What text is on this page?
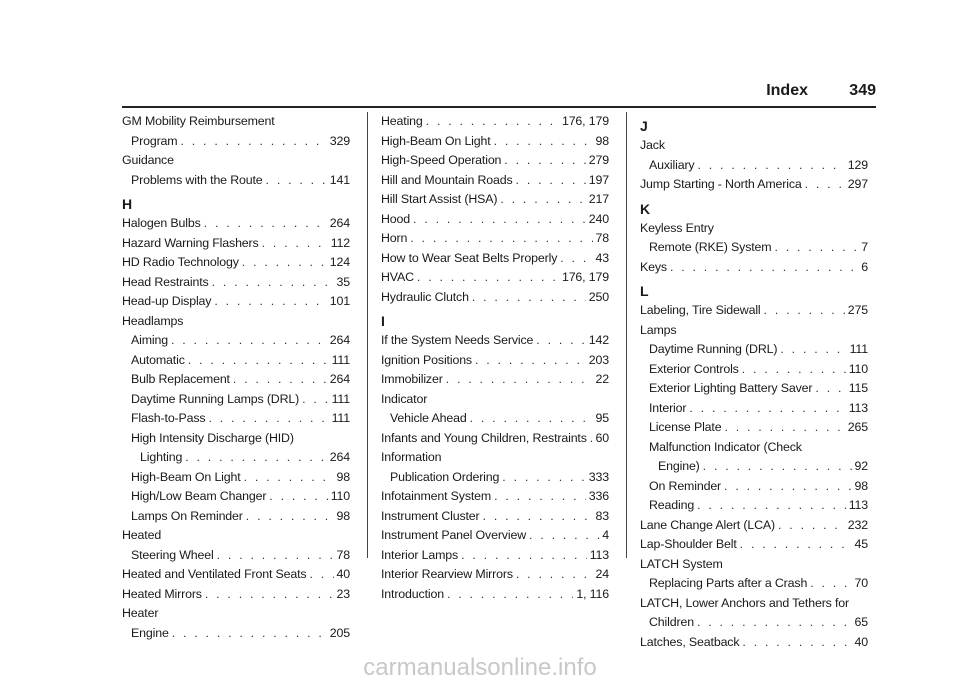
Index	349
GM Mobility Reimbursement
Program . . .	329
Guidance
Problems with the Route . . .	141
H
Halogen Bulbs . . .	264
Hazard Warning Flashers . . .	112
HD Radio Technology . . .	124
Head Restraints . . .	35
Head-up Display . . .	101
Headlamps
Aiming . . .	264
Automatic . . .	111
Bulb Replacement . . .	264
Daytime Running Lamps (DRL) . . .	111
Flash-to-Pass . . .	111
High Intensity Discharge (HID)
Lighting . . .	264
High-Beam On Light . . .	98
High/Low Beam Changer . . .	110
Lamps On Reminder . . .	98
Heated
Steering Wheel . . .	78
Heated and Ventilated Front Seats . . . 40
Heated Mirrors . . .	23
Heater
Engine . . .	205
Heating . . .	176, 179
High-Beam On Light . . .	98
High-Speed Operation . . .	279
Hill and Mountain Roads . . .	197
Hill Start Assist (HSA) . . .	217
Hood . . .	240
Horn . . .	78
How to Wear Seat Belts Properly . . .	43
HVAC . . .	176, 179
Hydraulic Clutch . . .	250
I
If the System Needs Service . . .	142
Ignition Positions . . .	203
Immobilizer . . .	22
Indicator
Vehicle Ahead . . .	95
Infants and Young Children, Restraints . . . 60
Information
Publication Ordering . . .	333
Infotainment System . . .	336
Instrument Cluster . . .	83
Instrument Panel Overview . . .	4
Interior Lamps . . .	113
Interior Rearview Mirrors . . .	24
Introduction . . .	1, 116
J
Jack
Auxiliary . . .	129
Jump Starting - North America . . .	297
K
Keyless Entry
Remote (RKE) System . . .	7
Keys . . .	6
L
Labeling, Tire Sidewall . . .	275
Lamps
Daytime Running (DRL) . . .	111
Exterior Controls . . .	110
Exterior Lighting Battery Saver . . .	115
Interior . . .	113
License Plate . . .	265
Malfunction Indicator (Check
Engine) . . .	92
On Reminder . . .	98
Reading . . .	113
Lane Change Alert (LCA) . . .	232
Lap-Shoulder Belt . . .	45
LATCH System
Replacing Parts after a Crash . . .	70
LATCH, Lower Anchors and Tethers for
Children . . .	65
Latches, Seatback . . .	40
carmanualsonline.info
